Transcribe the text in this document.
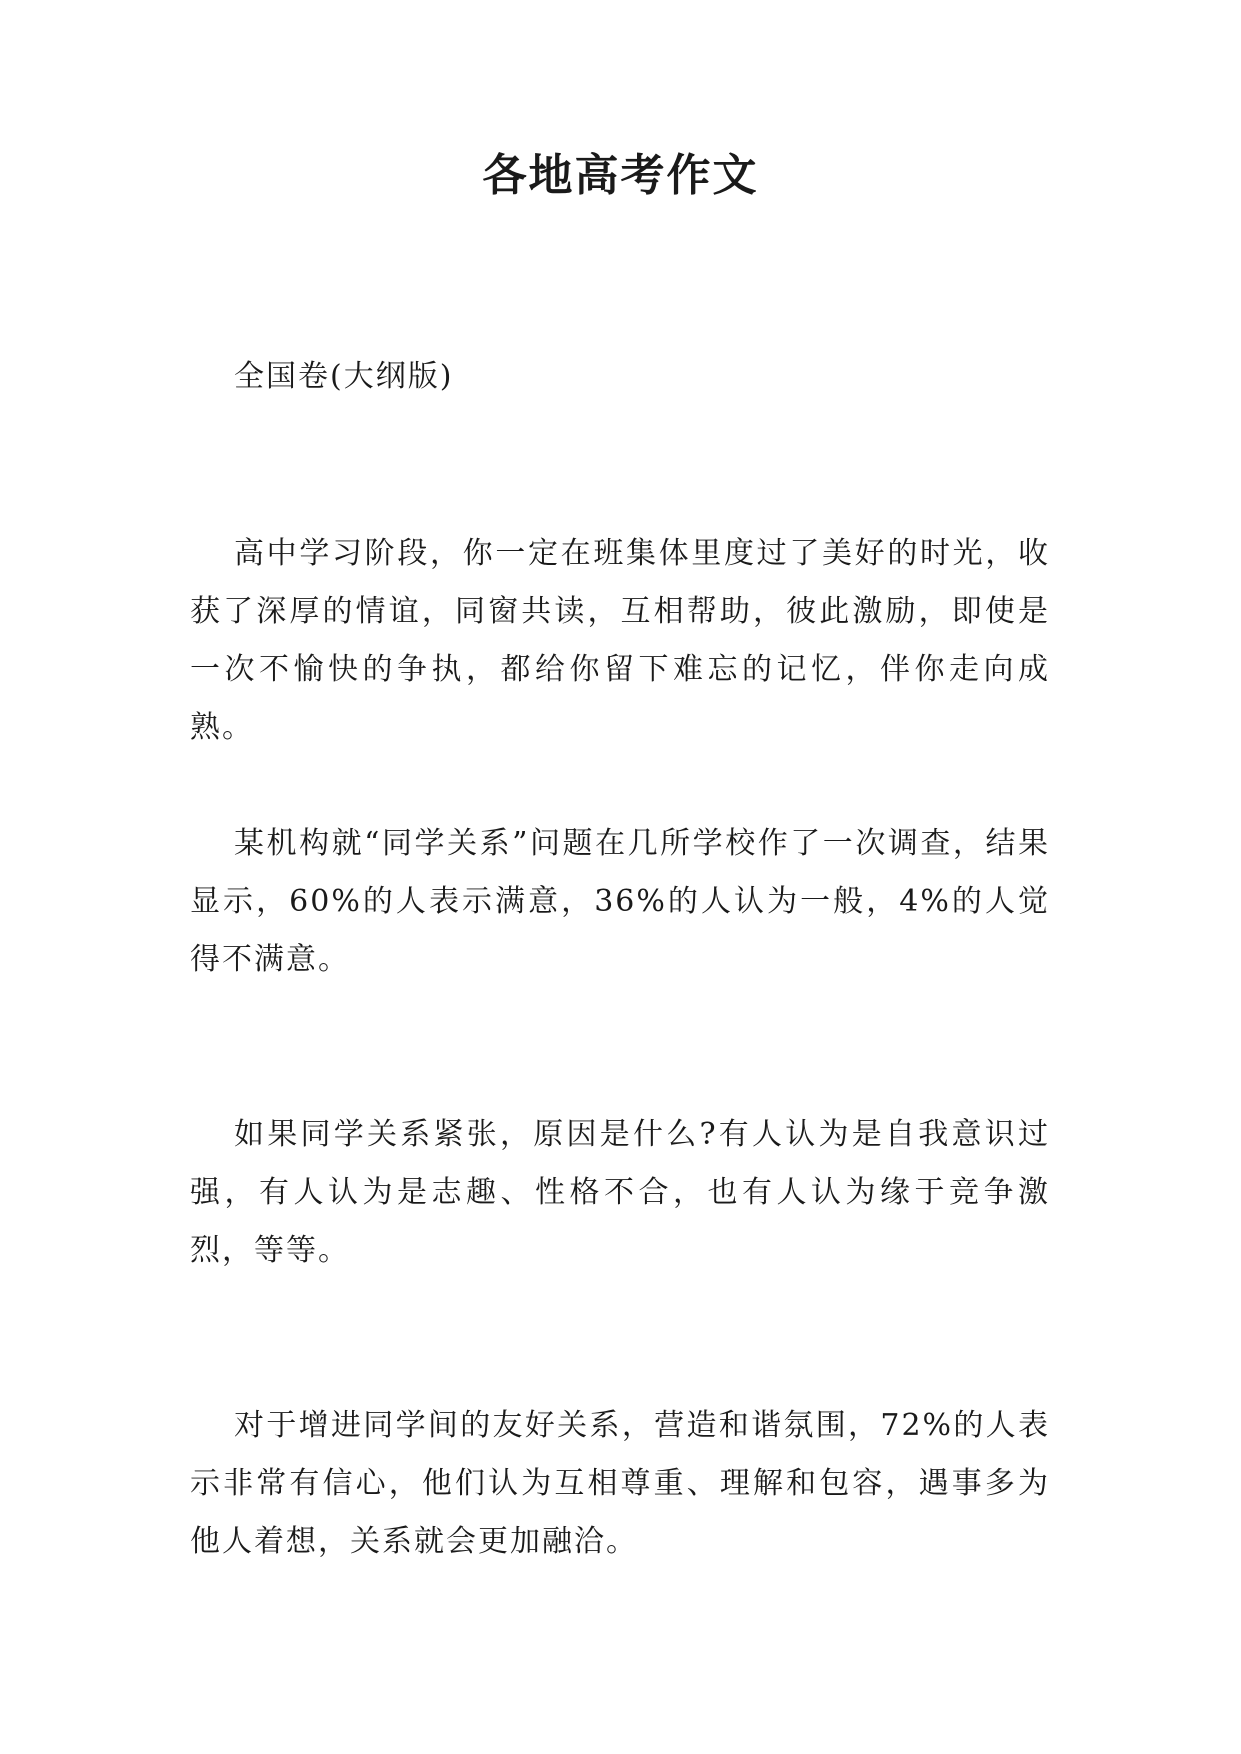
各地高考作文

全国卷(大纲版)

高中学习阶段，你一定在班集体里度过了美好的时光，收获了深厚的情谊，同窗共读，互相帮助，彼此激励，即使是一次不愉快的争执，都给你留下难忘的记忆，伴你走向成熟。

某机构就“同学关系”问题在几所学校作了一次调查，结果显示，60%的人表示满意，36%的人认为一般，4%的人觉得不满意。

如果同学关系紧张，原因是什么?有人认为是自我意识过强，有人认为是志趣、性格不合，也有人认为缘于竞争激烈，等等。

对于增进同学间的友好关系，营造和谐氛围，72%的人表示非常有信心，他们认为互相尊重、理解和包容，遇事多为他人着想，关系就会更加融洽。
